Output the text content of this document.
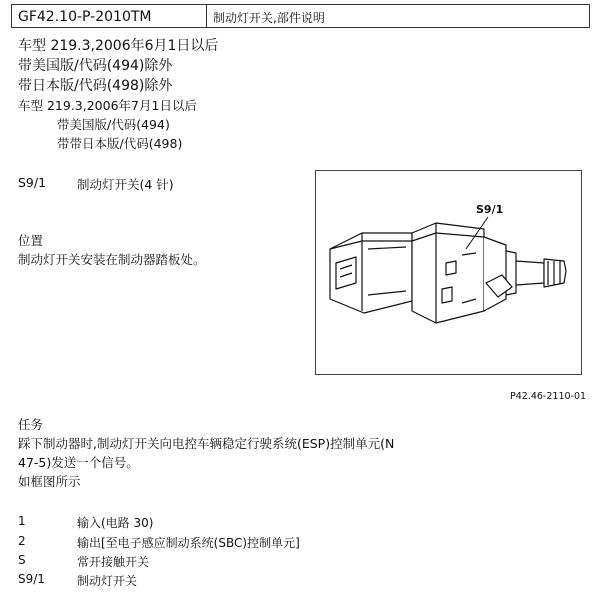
GF42.10-P-2010TM	制动灯开关,部件说明
车型 219.3,2006年6月1日以后
带美国版/代码(494)除外
带日本版/代码(498)除外
车型 219.3,2006年7月1日以后
带美国版/代码(494)
带带日本版/代码(498)
S9/1 制动灯开关(4 针)
位置
制动灯开关安装在制动器踏板处。
S9/1
P42.46-2110-01
任务
踩下制动器时,制动灯开关向电控车辆稳定行驶系统(ESP)控制单元(N
47-5)发送一个信号。
如框图所示
1	输入(电路 30)
2	输出[至电子感应制动系统(SBC)控制单元]
S	常开接触开关
S9/1	制动灯开关
